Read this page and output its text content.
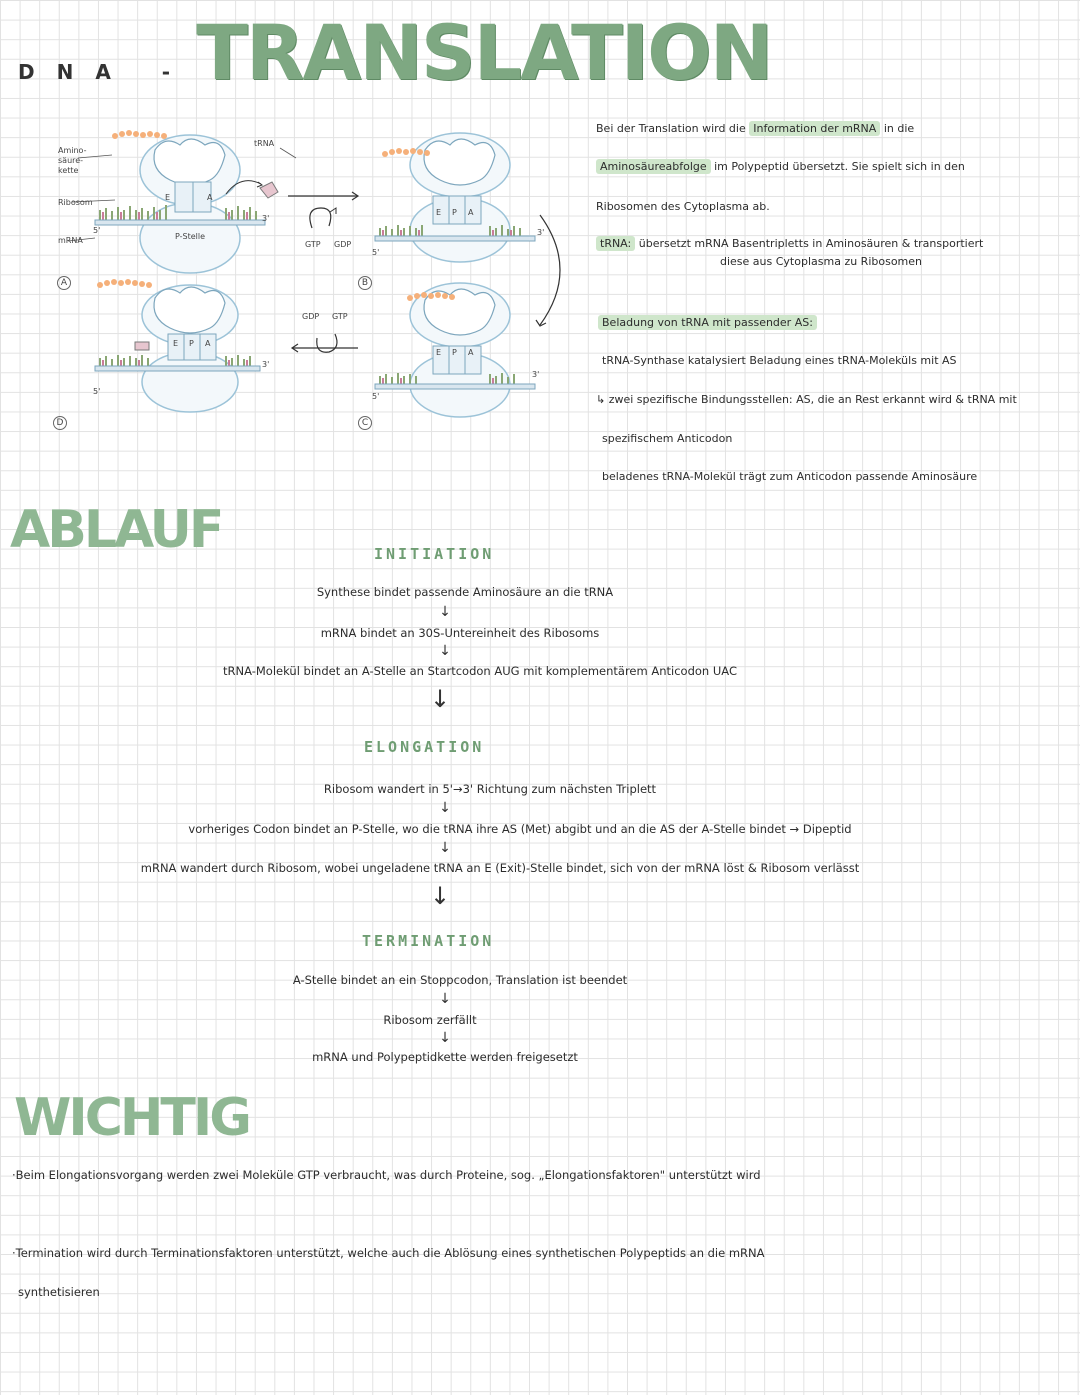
DNA -TRANSLATION
Amino-säure-kette
Ribosom
mRNA
tRNA
P-Stelle
5'
3'
E	A
E P A
5'
3'
E P A
5'
3'
E P A
5'
3'
GTP GDP
GDP GTP
A	B
C
D
Bei der Translation wird die Information der mRNA in die
Aminosäureabfolge im Polypeptid übersetzt. Sie spielt sich in den
Ribosomen des Cytoplasma ab.
tRNA: übersetzt mRNA Basentripletts in Aminosäuren & transportiert
diese aus Cytoplasma zu Ribosomen
Beladung von tRNA mit passender AS:
tRNA-Synthase katalysiert Beladung eines tRNA-Moleküls mit AS
↳ zwei spezifische Bindungsstellen: AS, die an Rest erkannt wird & tRNA mit
spezifischem Anticodon
beladenes tRNA-Molekül trägt zum Anticodon passende Aminosäure
ABLAUF	INITIATION
Synthese bindet passende Aminosäure an die tRNA
↓
mRNA bindet an 30S-Untereinheit des Ribosoms
↓
tRNA-Molekül bindet an A-Stelle an Startcodon AUG mit komplementärem Anticodon UAC
↓
ELONGATION
Ribosom wandert in 5'→3' Richtung zum nächsten Triplett
↓
vorheriges Codon bindet an P-Stelle, wo die tRNA ihre AS (Met) abgibt und an die AS der A-Stelle bindet → Dipeptid
↓
mRNA wandert durch Ribosom, wobei ungeladene tRNA an E (Exit)-Stelle bindet, sich von der mRNA löst & Ribosom verlässt
↓
TERMINATION
A-Stelle bindet an ein Stoppcodon, Translation ist beendet
↓
Ribosom zerfällt
↓
mRNA und Polypeptidkette werden freigesetzt
WICHTIG
·Beim Elongationsvorgang werden zwei Moleküle GTP verbraucht, was durch Proteine, sog. „Elongationsfaktoren" unterstützt wird
·Termination wird durch Terminationsfaktoren unterstützt, welche auch die Ablösung eines synthetischen Polypeptids an die mRNA
synthetisieren
